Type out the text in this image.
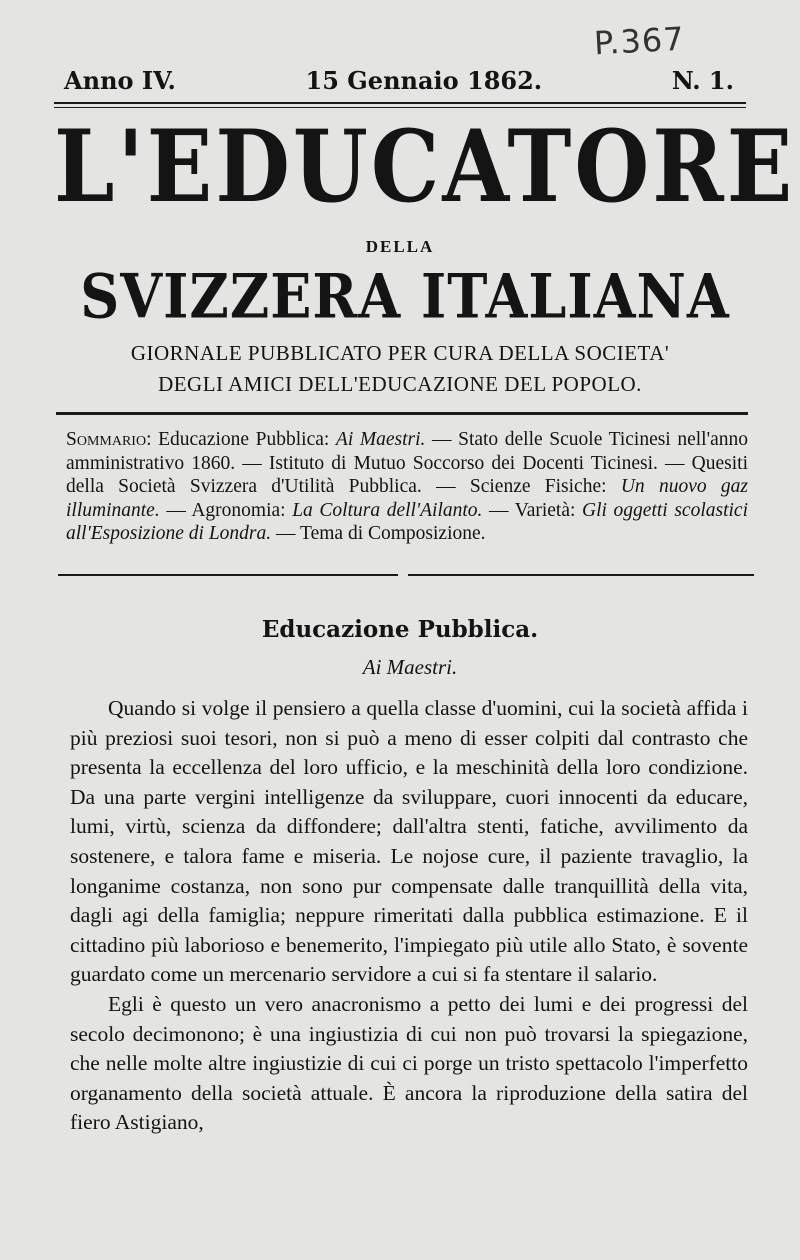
P.367
Anno IV.	15 Gennaio 1862.	N. 1.
L'EDUCATORE
DELLA
SVIZZERA ITALIANA
GIORNALE PUBBLICATO PER CURA DELLA SOCIETA'
DEGLI AMICI DELL'EDUCAZIONE DEL POPOLO.
Sommario: Educazione Pubblica: Ai Maestri. — Stato delle Scuole Ticinesi nell'anno amministrativo 1860. — Istituto di Mutuo Soccorso dei Docenti Ticinesi. — Quesiti della Società Svizzera d'Utilità Pubblica. — Scienze Fisiche: Un nuovo gaz illuminante. — Agronomia: La Coltura dell'Ailanto. — Varietà: Gli oggetti scolastici all'Esposizione di Londra. — Tema di Composizione.
Educazione Pubblica.
Ai Maestri.

Quando si volge il pensiero a quella classe d'uomini, cui la società affida i più preziosi suoi tesori, non si può a meno di esser colpiti dal contrasto che presenta la eccellenza del loro ufficio, e la meschinità della loro condizione. Da una parte vergini intelligenze da sviluppare, cuori innocenti da educare, lumi, virtù, scienza da diffondere; dall'altra stenti, fatiche, avvilimento da sostenere, e talora fame e miseria. Le nojose cure, il paziente travaglio, la longanime costanza, non sono pur compensate dalle tranquillità della vita, dagli agi della famiglia; neppure rimeritati dalla pubblica estimazione. E il cittadino più laborioso e benemerito, l'impiegato più utile allo Stato, è sovente guardato come un mercenario servidore a cui si fa stentare il salario.

Egli è questo un vero anacronismo a petto dei lumi e dei progressi del secolo decimonono; è una ingiustizia di cui non può trovarsi la spiegazione, che nelle molte altre ingiustizie di cui ci porge un tristo spettacolo l'imperfetto organamento della società attuale. È ancora la riproduzione della satira del fiero Astigiano,
